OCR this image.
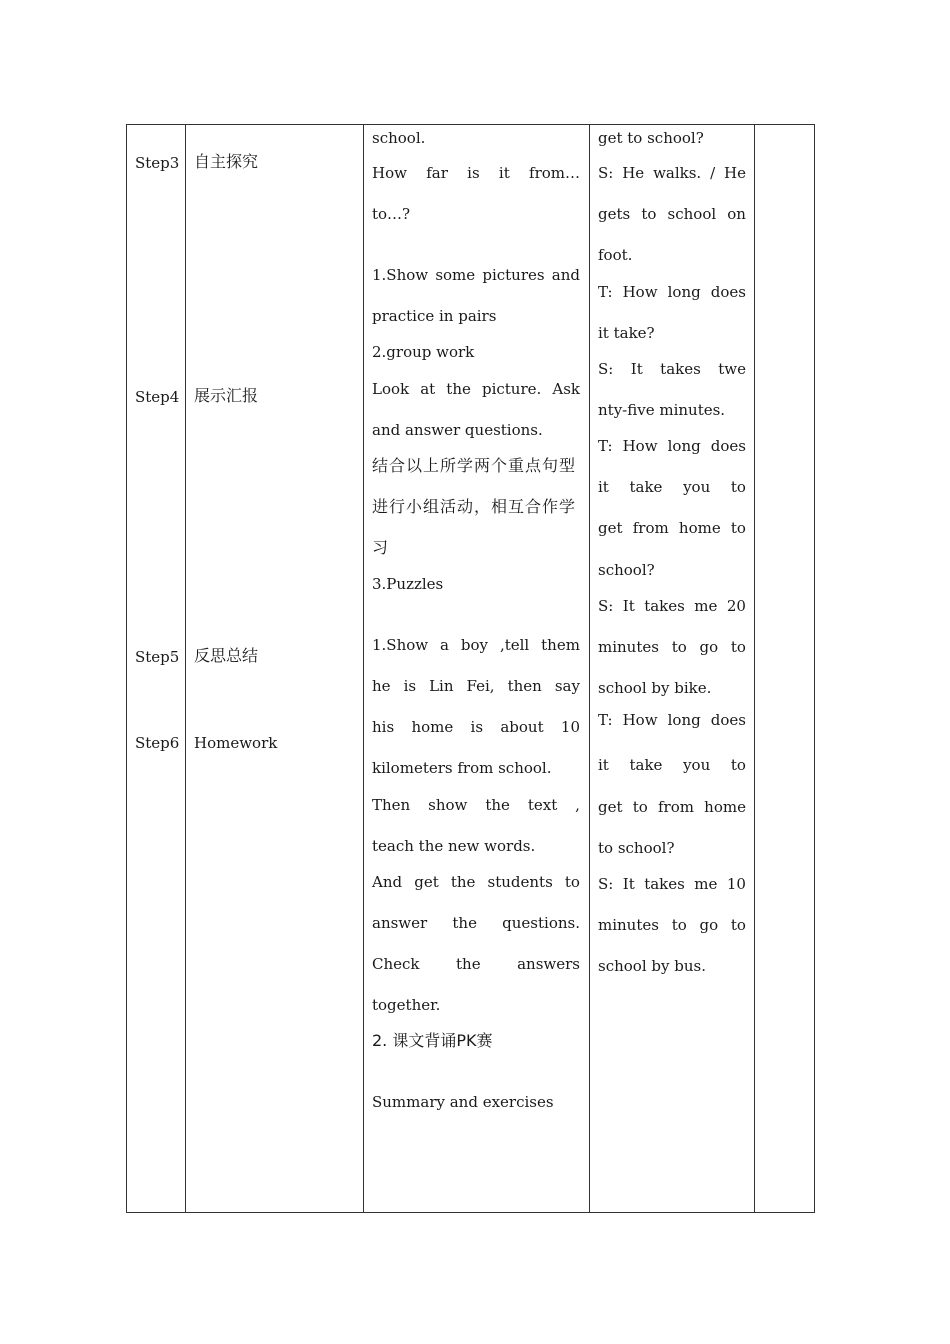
Step3 自主探究
Step4 展示汇报
Step5 反思总结
Step6 Homework
school.
How far is it from…
to…?
1.Show some pictures and
practice in pairs
2.group work
Look at the picture. Ask
and answer questions.
结合以上所学两个重点句型
进行小组活动，相互合作学
习
3.Puzzles
1.Show a boy ,tell them
he is Lin Fei, then say
his home is about 10
kilometers from school.
Then show the text ,
teach the new words.
And get the students to
answer the questions.
Check the answers
together.
2. 课文背诵PK赛
Summary and exercises
get to school?
S: He walks. / He
gets to school on
foot.
T: How long does
it take?
S: It takes twe
nty-five minutes.
T: How long does
it take you to
get from home to
school?
S: It takes me 20
minutes to go to
school by bike.
T: How long does
it take you to
get to from home
to school?
S: It takes me 10
minutes to go to
school by bus.
